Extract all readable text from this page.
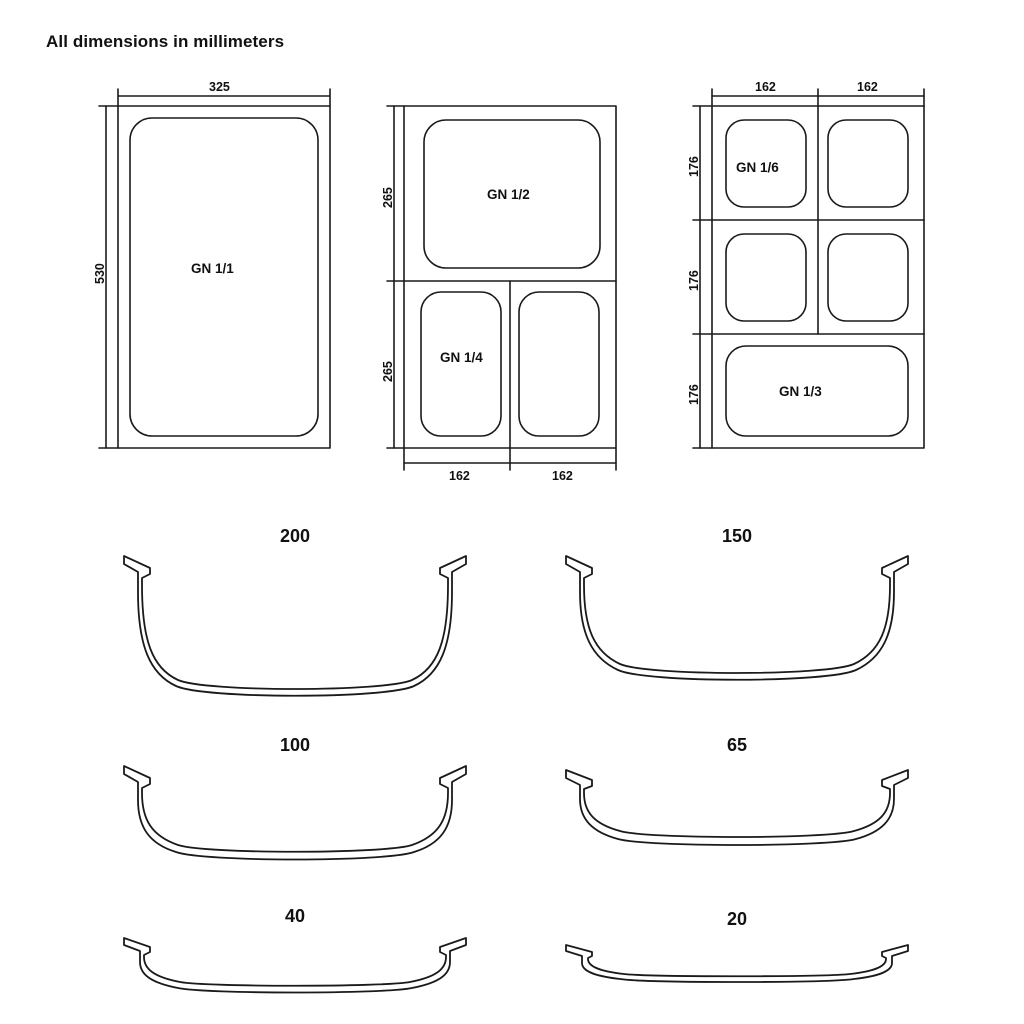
All dimensions in millimeters
GN 1/1
325
530
GN 1/2
GN 1/4
265
265
162	162
GN 1/6
GN 1/3
162	162
176
176
176
200	150
100	65
40	20
